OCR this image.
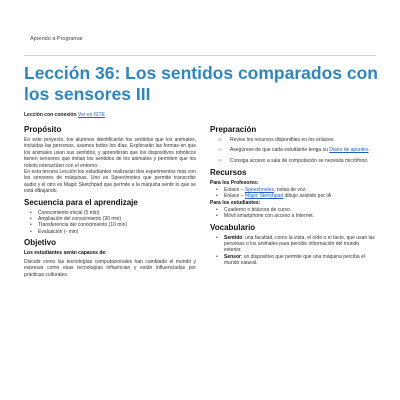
Aprendo a Programar
Lección 36: Los sentidos comparados con los sensores III
Lección con conexión Ver en ISTE
Propósito

En este proyecto, los alumnos identificarán los sentidos que los animales, incluidas las personas, usamos todos los días. Explorarán las formas en que los animales usan sus sentidos, y aprenderán que los dispositivos robóticos tienen sensores que imitan los sentidos de los animales y permiten que los robots interactúen con el entorno.

En esta tercera Lección los estudiantes realizarán dos experimentos más con los sensores de máquinas. Uno es Speechnotes que permite transcribir audio y el otro es Magic Sketchpad que permite a la máquina sentir lo que se está dibujando.

Secuencia para el aprendizaje
• Conocimiento inicial (5 min)
• Ampliación del conocimiento (30 min)
• Transferencia del conocimiento (10 min)
• Evaluación (- min)
Objetivo
Los estudiantes serán capaces de:

Discutir como las tecnologías computacionales han cambiado el mundo y expresar como esas tecnologías influencian y están influenciadas por prácticas culturales.

Preparación
○ Revise los recursos disponibles en los enlaces.
○ Asegúrese de que cada estudiante tenga su Diario de apuntes.
○ Consiga acceso a sala de computación se necesita micrófono.
Recursos
Para los Profesores:
• Enlace – Speechnotes, notas de voz.
• Enlace – Magic Sketchpad dibujo asistido por IA
Para los estudiantes:
• Cuaderno o bitácora de curso.
• Móvil smartphone con acceso a Internet.
Vocabulario
• Sentido: una facultad, como la vista, el oído o el tacto, que usan las personas o los animales para percibir información del mundo exterior.
• Sensor: un dispositivo que permite que una máquina perciba el mundo natural.
